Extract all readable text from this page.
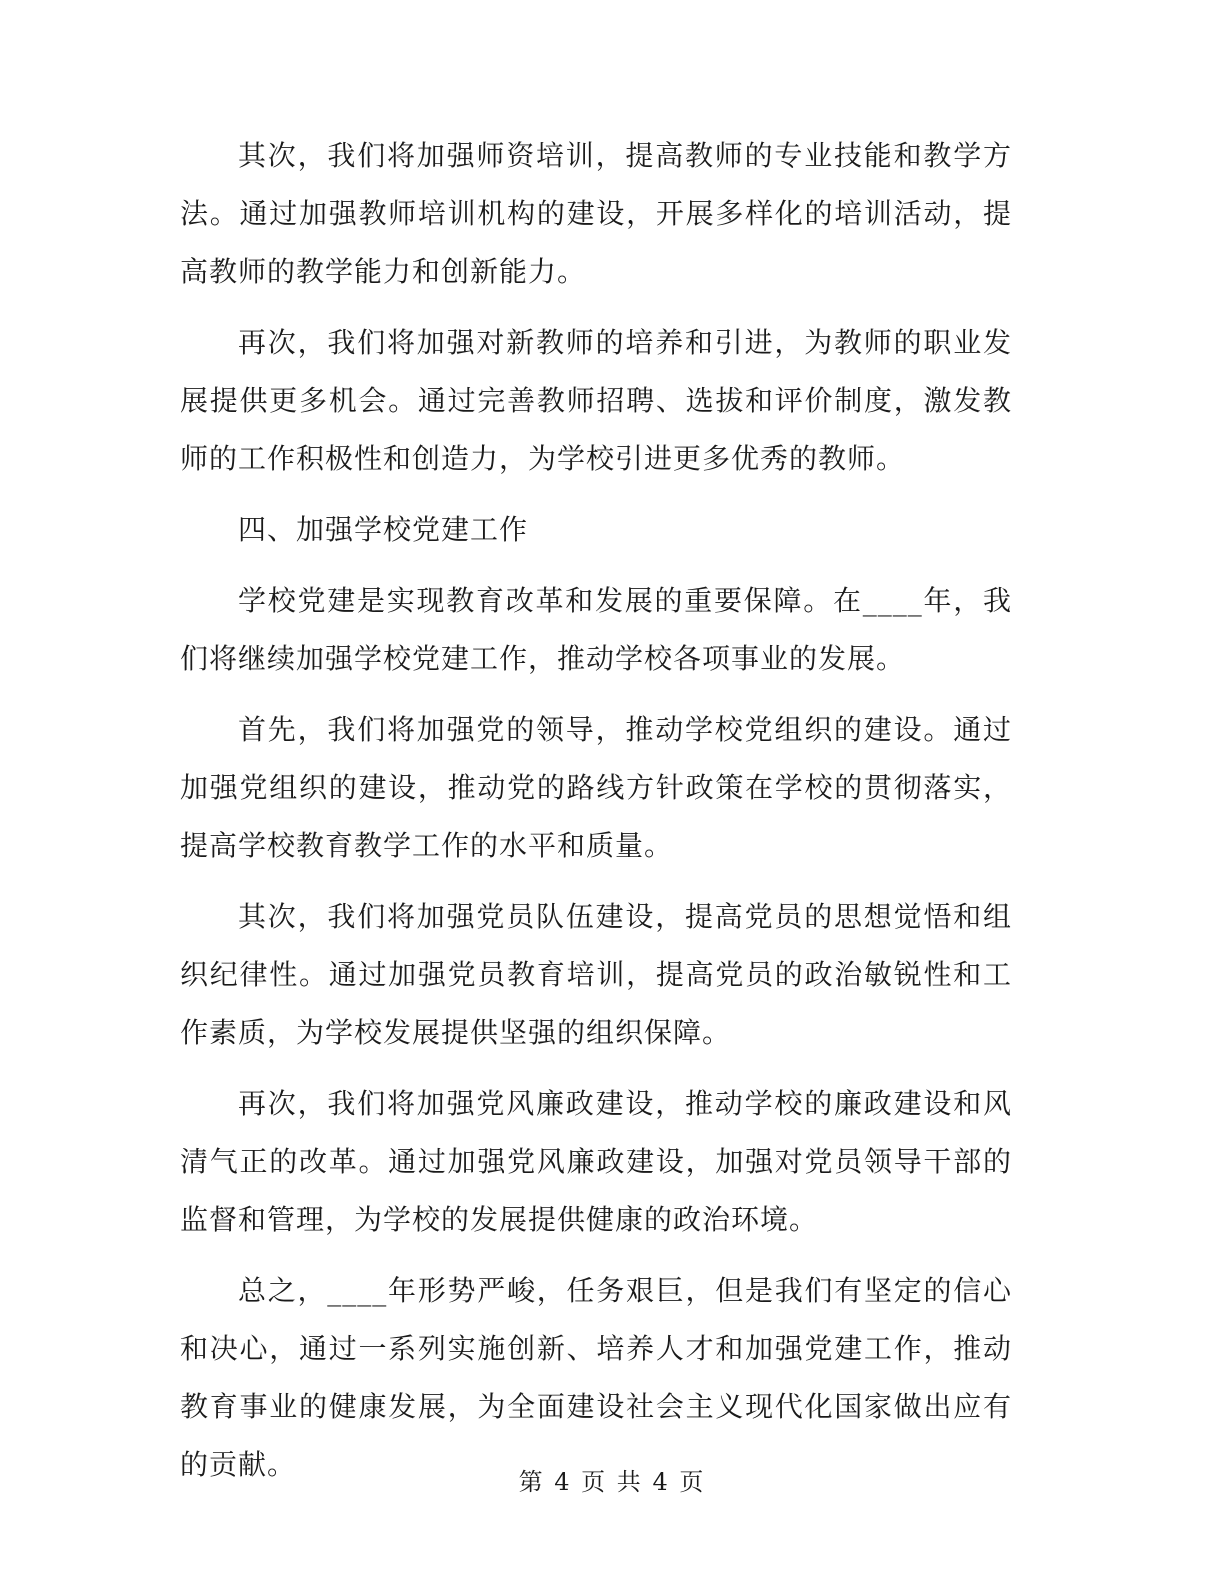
其次，我们将加强师资培训，提高教师的专业技能和教学方法。通过加强教师培训机构的建设，开展多样化的培训活动，提高教师的教学能力和创新能力。

再次，我们将加强对新教师的培养和引进，为教师的职业发展提供更多机会。通过完善教师招聘、选拔和评价制度，激发教师的工作积极性和创造力，为学校引进更多优秀的教师。

四、加强学校党建工作

学校党建是实现教育改革和发展的重要保障。在____年，我们将继续加强学校党建工作，推动学校各项事业的发展。

首先，我们将加强党的领导，推动学校党组织的建设。通过加强党组织的建设，推动党的路线方针政策在学校的贯彻落实，提高学校教育教学工作的水平和质量。

其次，我们将加强党员队伍建设，提高党员的思想觉悟和组织纪律性。通过加强党员教育培训，提高党员的政治敏锐性和工作素质，为学校发展提供坚强的组织保障。

再次，我们将加强党风廉政建设，推动学校的廉政建设和风清气正的改革。通过加强党风廉政建设，加强对党员领导干部的监督和管理，为学校的发展提供健康的政治环境。

总之，____年形势严峻，任务艰巨，但是我们有坚定的信心和决心，通过一系列实施创新、培养人才和加强党建工作，推动教育事业的健康发展，为全面建设社会主义现代化国家做出应有的贡献。

第 4 页 共 4 页
